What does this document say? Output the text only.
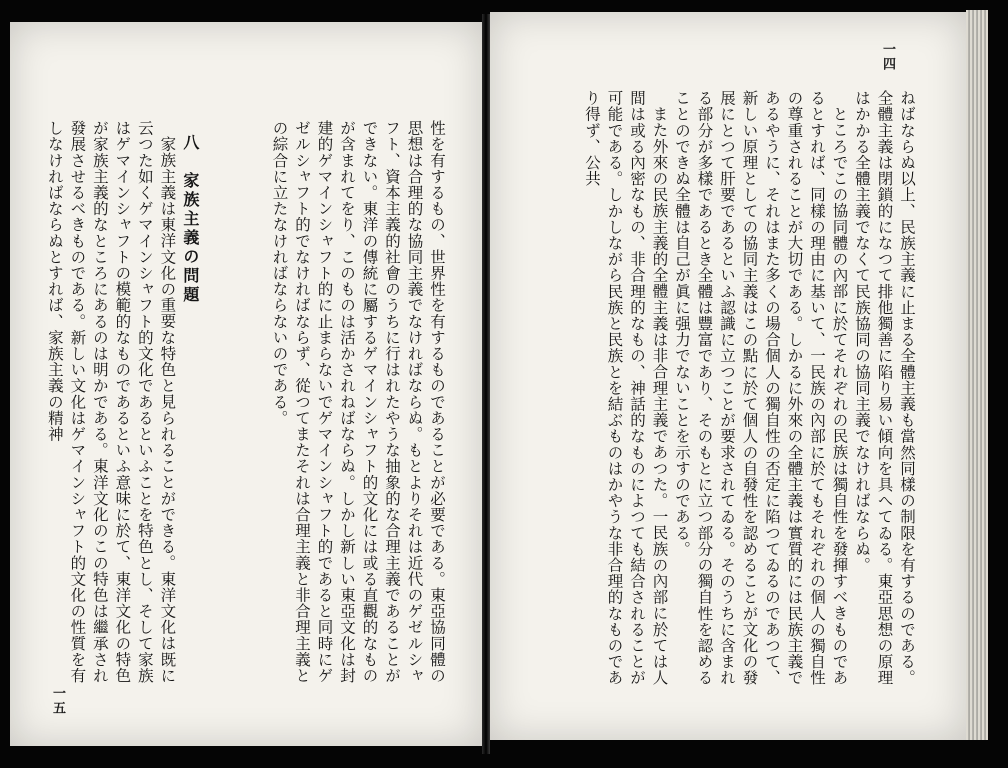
性を有するもの、世界性を有するものであることが必要である。東亞協同體の思想は合理的な協同主義でなければならぬ。もとよりそれは近代のゲゼルシャフト、資本主義的社會のうちに行はれたやうな抽象的な合理主義であることができない。東洋の傳統に屬するゲマインシャフト的文化には或る直觀的なものが含まれてをり、このものは活かされねばならぬ。しかし新しい東亞文化は封建的ゲマインシャフト的に止まらないでゲマインシャフト的であると同時にゲゼルシャフト的でなければならず、從つてまたそれは合理主義と非合理主義との綜合に立たなければならないのである。

八　家族主義の問題

家族主義は東洋文化の重要な特色と見られることができる。東洋文化は既に云つた如くゲマインシャフト的文化であるといふことを特色とし、そして家族はゲマインシャフトの模範的なものであるといふ意味に於て、東洋文化の特色が家族主義的なところにあるのは明かである。東洋文化のこの特色は繼承され發展させるべきものである。新しい文化はゲマインシャフト的文化の性質を有しなければならぬとすれば、家族主義の精神

一五
一四

ねばならぬ以上、民族主義に止まる全體主義も當然同樣の制限を有するのである。全體主義は閉鎖的になつて排他獨善に陷り易い傾向を具へてゐる。東亞思想の原理はかかる全體主義でなくて民族協同の協同主義でなければならぬ。

ところでこの協同體の內部に於てそれぞれの民族は獨自性を發揮すべきものであるとすれば、同樣の理由に基いて、一民族の內部に於てもそれぞれの個人の獨自性の尊重されることが大切である。しかるに外來の全體主義は實質的には民族主義であるやうに、それはまた多くの場合個人の獨自性の否定に陷つてゐるのであつて、新しい原理としての協同主義はこの點に於て個人の自發性を認めることが文化の發展にとつて肝要であるといふ認識に立つことが要求されてゐる。そのうちに含まれる部分が多樣であるとき全體は豐富であり、そのもとに立つ部分の獨自性を認めることのできぬ全體は自己が眞に强力でないことを示すのである。

また外來の民族主義的全體主義は非合理主義であつた。一民族の內部に於ては人間は或る內密なもの、非合理的なもの、神話的なものによつても結合されることが可能である。しかしながら民族と民族とを結ぶものはかやうな非合理的なものであり得ず、公共
